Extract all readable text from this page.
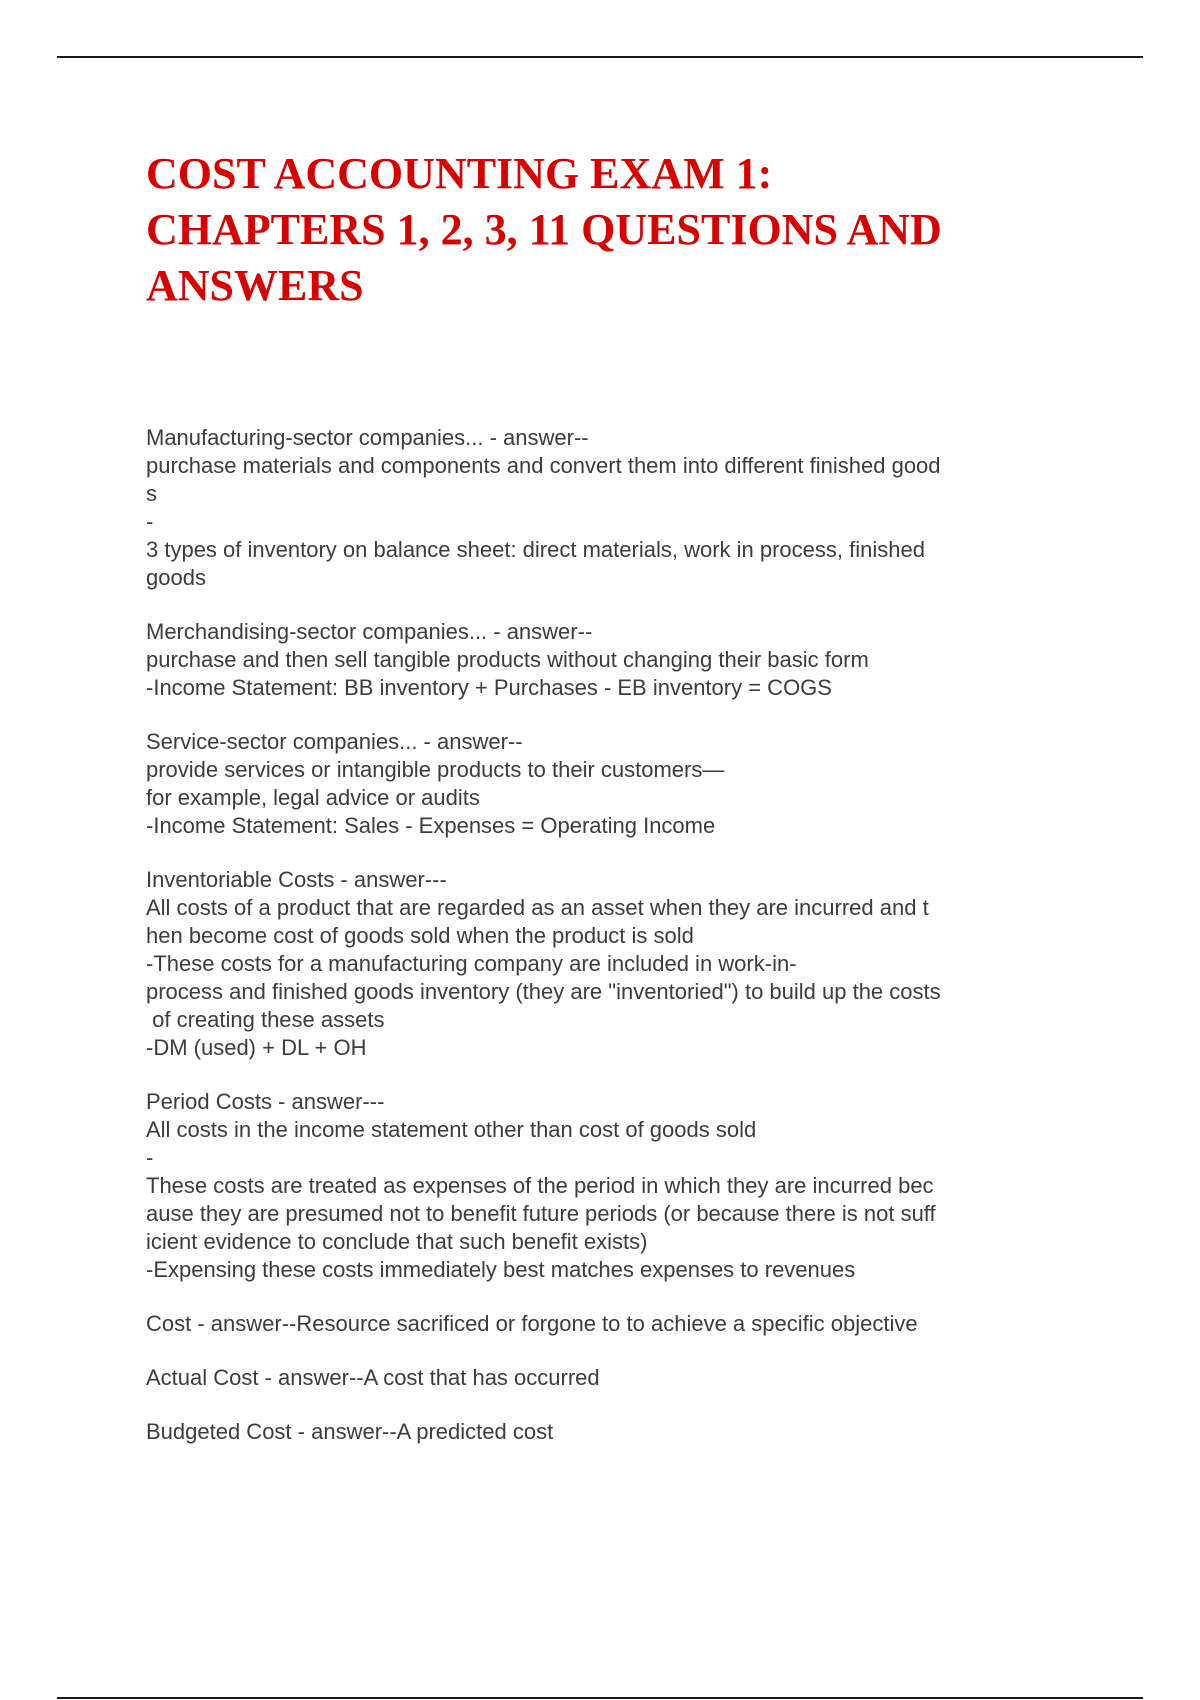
COST ACCOUNTING EXAM 1:
CHAPTERS 1, 2, 3, 11 QUESTIONS AND
ANSWERS
Manufacturing-sector companies... - answer--
purchase materials and components and convert them into different finished good
s
-
3 types of inventory on balance sheet: direct materials, work in process, finished
goods
Merchandising-sector companies... - answer--
purchase and then sell tangible products without changing their basic form
-Income Statement: BB inventory + Purchases - EB inventory = COGS
Service-sector companies... - answer--
provide services or intangible products to their customers—
for example, legal advice or audits
-Income Statement: Sales - Expenses = Operating Income
Inventoriable Costs - answer---
All costs of a product that are regarded as an asset when they are incurred and t
hen become cost of goods sold when the product is sold
-These costs for a manufacturing company are included in work-in-
process and finished goods inventory (they are "inventoried") to build up the costs
of creating these assets
-DM (used) + DL + OH
Period Costs - answer---
All costs in the income statement other than cost of goods sold
-
These costs are treated as expenses of the period in which they are incurred bec
ause they are presumed not to benefit future periods (or because there is not suff
icient evidence to conclude that such benefit exists)
-Expensing these costs immediately best matches expenses to revenues
Cost - answer--Resource sacrificed or forgone to to achieve a specific objective
Actual Cost - answer--A cost that has occurred
Budgeted Cost - answer--A predicted cost
